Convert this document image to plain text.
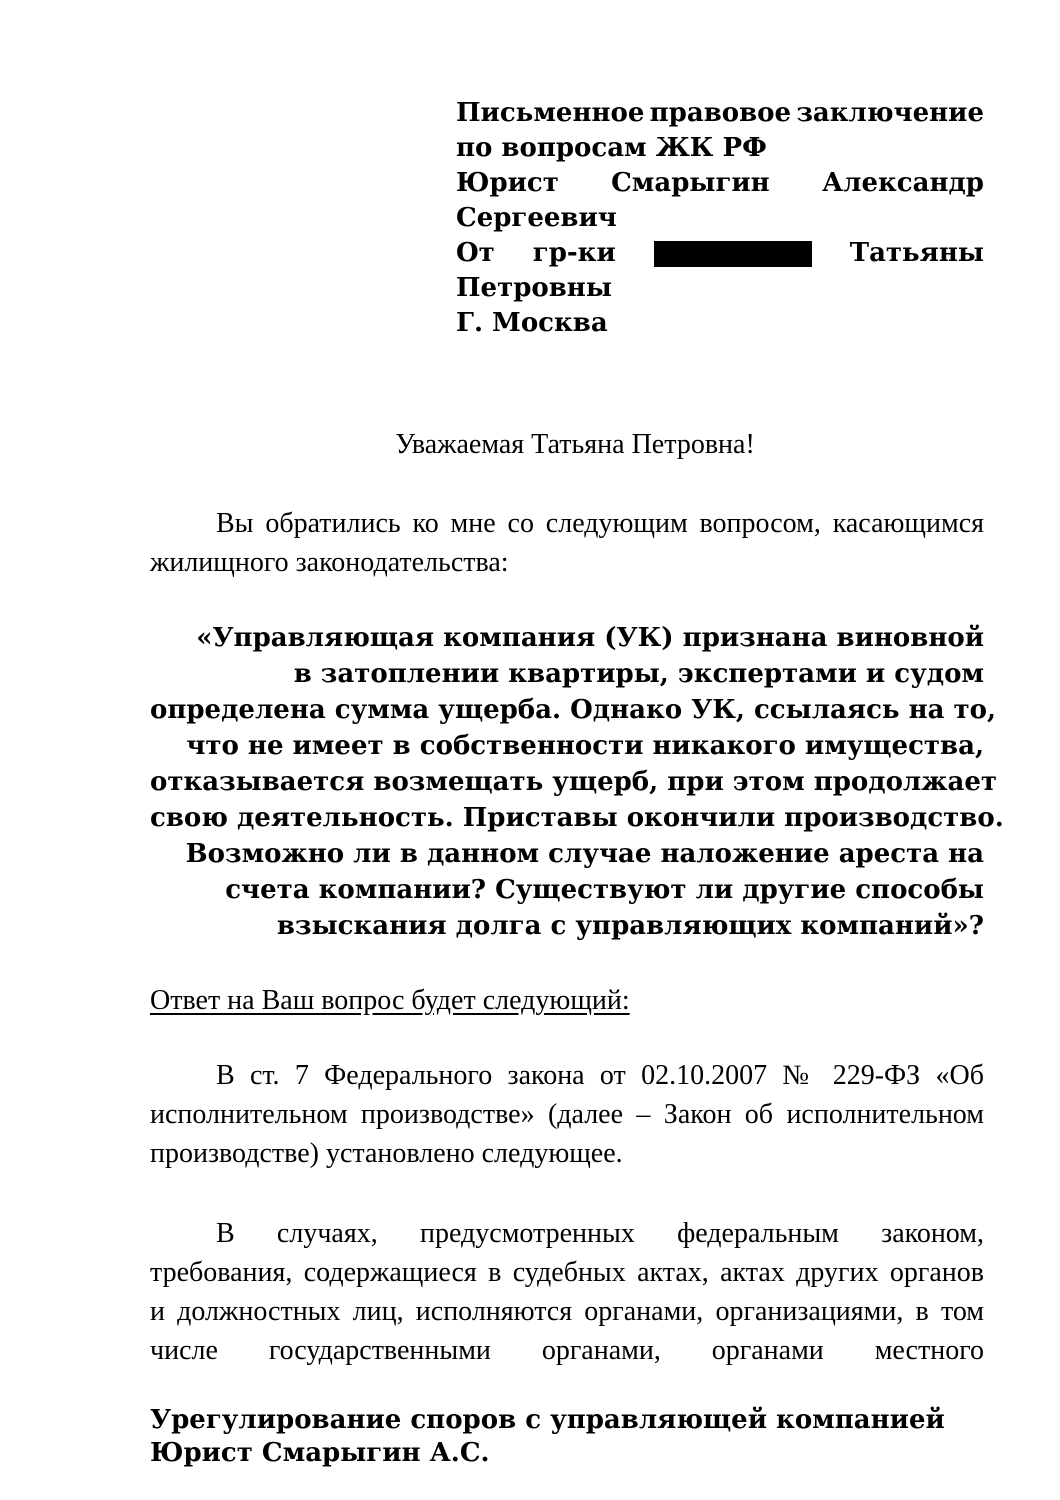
Письменное правовое заключение
по вопросам ЖК РФ
Юрист Смарыгин Александр
Сергеевич
От гр-ки	Татьяны
Петровны
Г. Москва
Уважаемая Татьяна Петровна!
Вы обратились ко мне со следующим вопросом, касающимся
жилищного законодательства:
«Управляющая компания (УК) признана виновной
в затоплении квартиры, экспертами и судом
определена сумма ущерба. Однако УК, ссылаясь на то,
что не имеет в собственности никакого имущества,
отказывается возмещать ущерб, при этом продолжает
свою деятельность. Приставы окончили производство.
Возможно ли в данном случае наложение ареста на
счета компании? Существуют ли другие способы
взыскания долга с управляющих компаний»?
Ответ на Ваш вопрос будет следующий:
В ст. 7 Федерального закона от 02.10.2007 № 229-ФЗ «Об
исполнительном производстве» (далее – Закон об исполнительном
производстве) установлено следующее.
В случаях, предусмотренных федеральным законом,
требования, содержащиеся в судебных актах, актах других органов
и должностных лиц, исполняются органами, организациями, в том
числе государственными органами, органами местного
Урегулирование споров с управляющей компанией
Юрист Смарыгин А.С.
